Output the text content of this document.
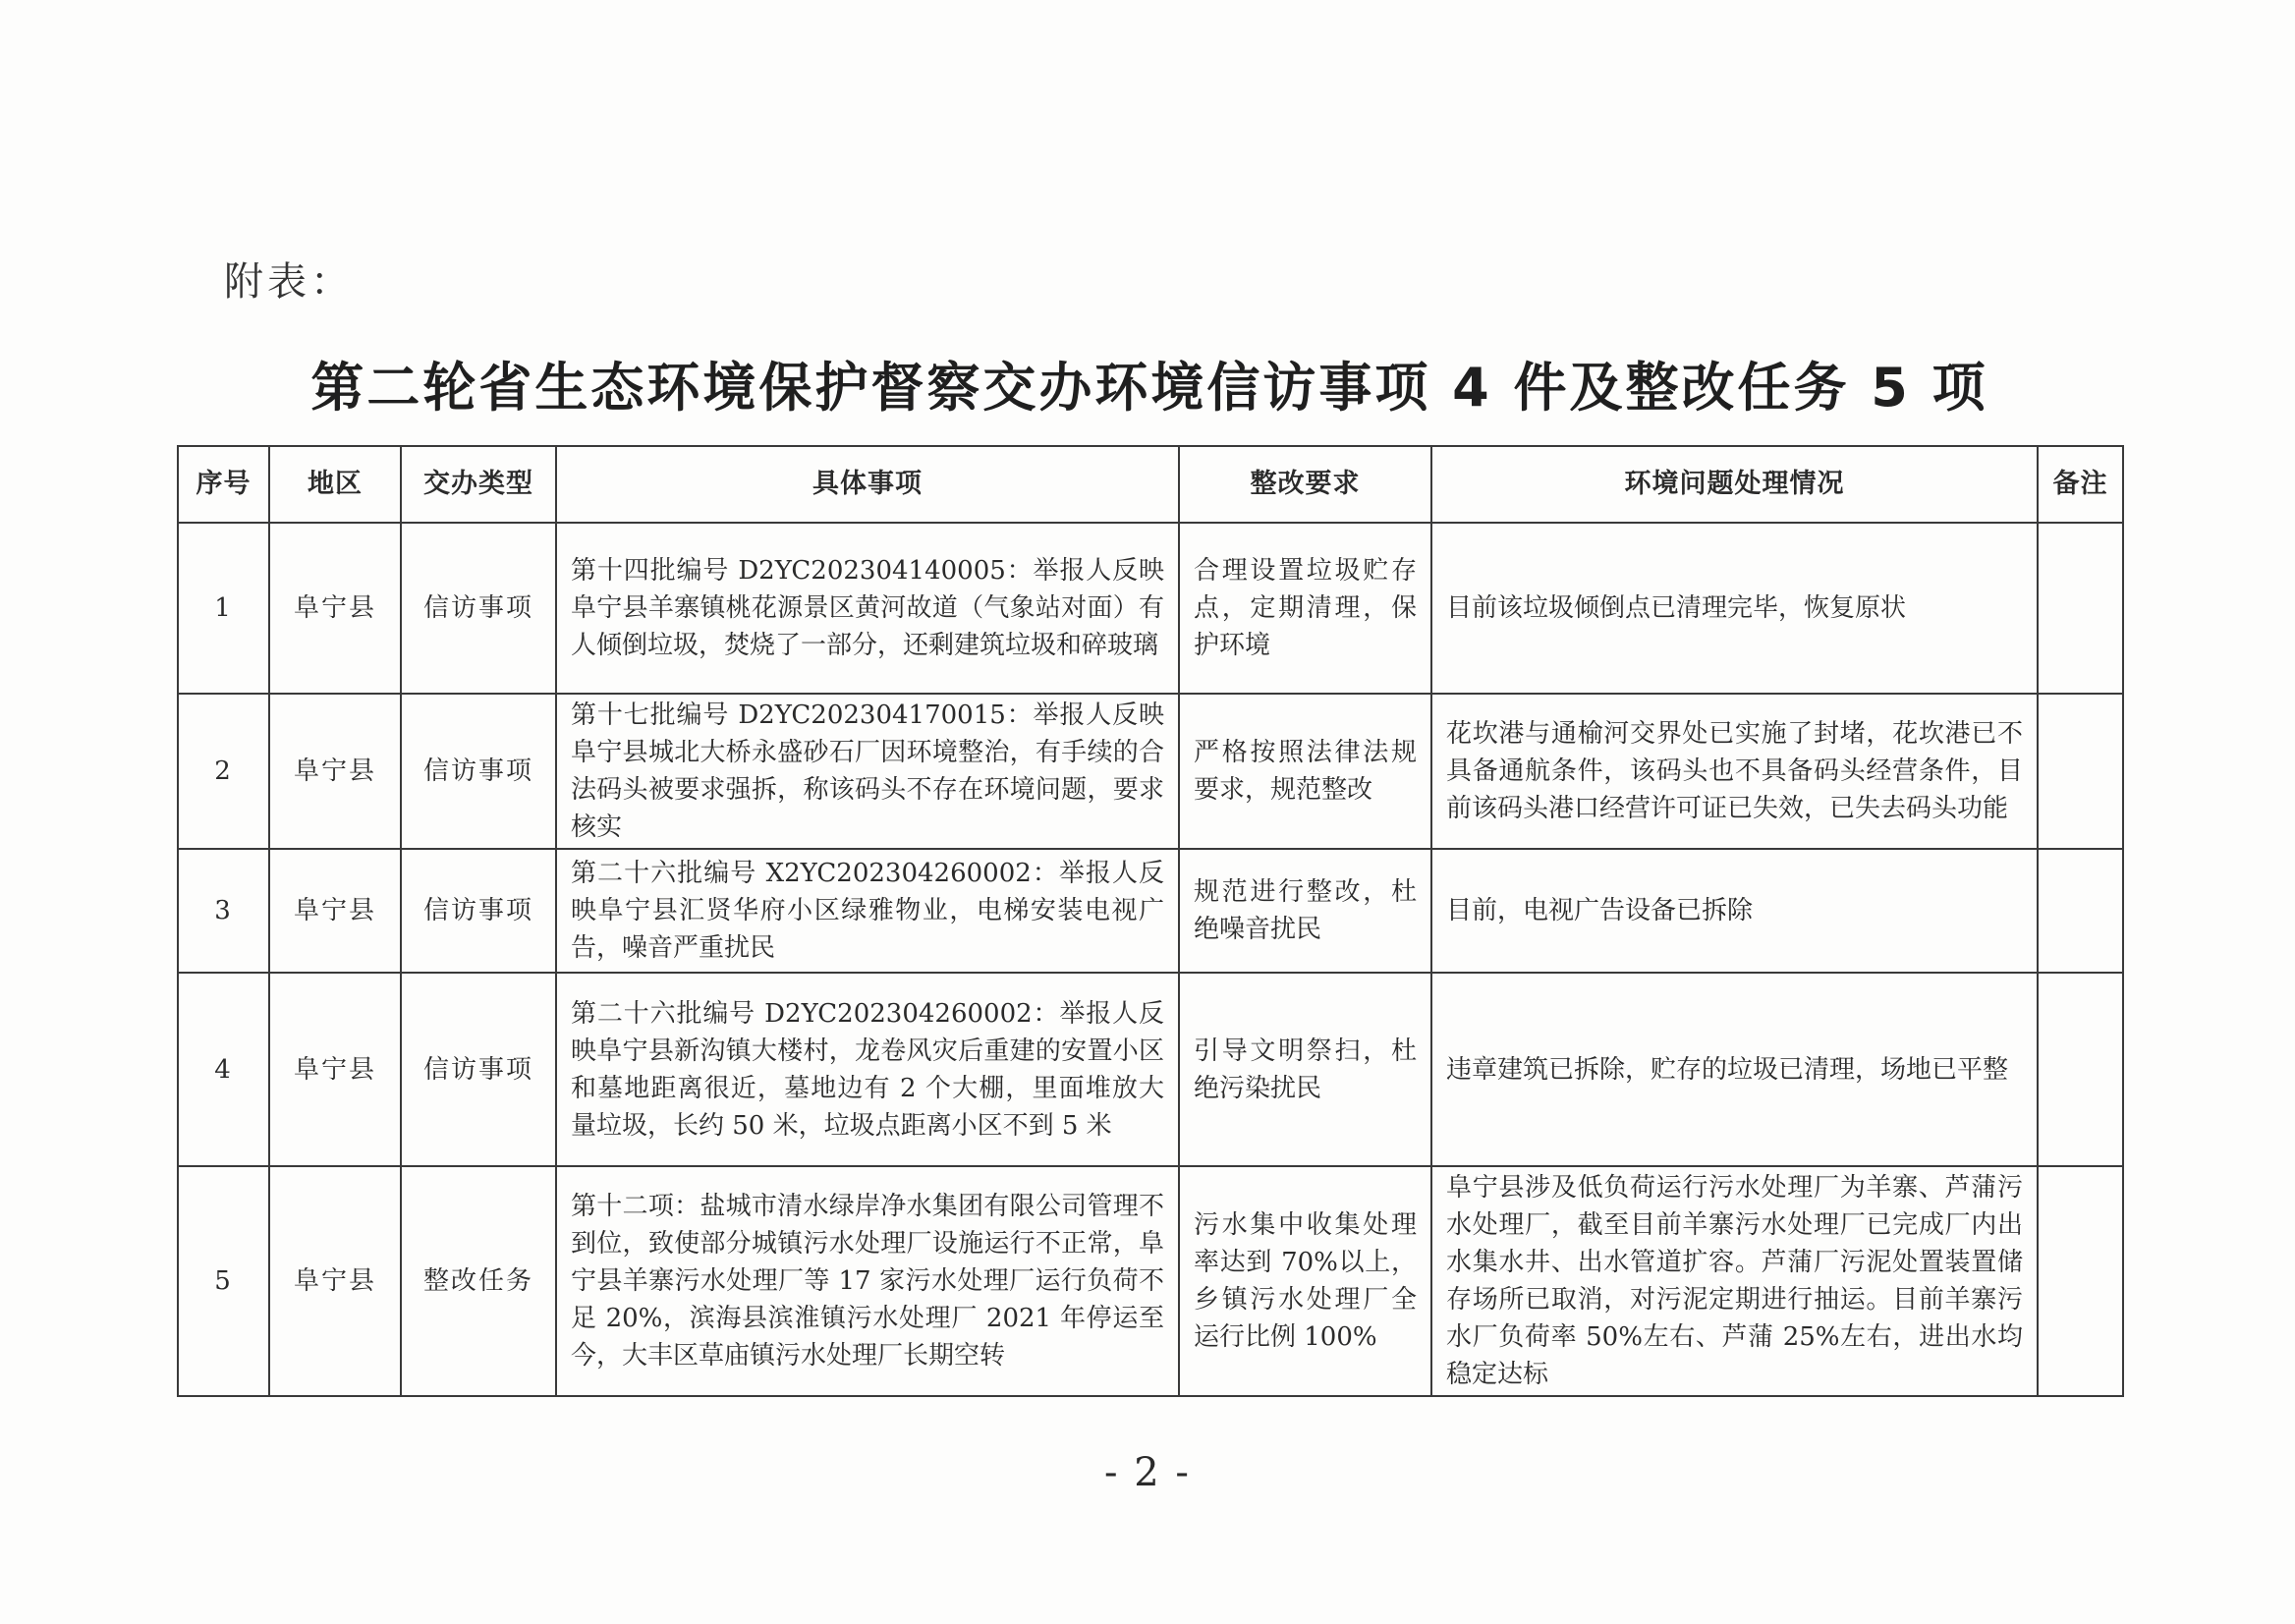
附表：
第二轮省生态环境保护督察交办环境信访事项 4 件及整改任务 5 项
序号	地区	交办类型	具体事项	整改要求	环境问题处理情况	备注
1	阜宁县	信访事项	第十四批编号 D2YC202304140005：举报人反映阜宁县羊寨镇桃花源景区黄河故道（气象站对面）有人倾倒垃圾，焚烧了一部分，还剩建筑垃圾和碎玻璃	合理设置垃圾贮存点，定期清理，保护环境	目前该垃圾倾倒点已清理完毕，恢复原状	
2	阜宁县	信访事项	第十七批编号 D2YC202304170015：举报人反映阜宁县城北大桥永盛砂石厂因环境整治，有手续的合法码头被要求强拆，称该码头不存在环境问题，要求核实	严格按照法律法规要求，规范整改	花坎港与通榆河交界处已实施了封堵，花坎港已不具备通航条件，该码头也不具备码头经营条件，目前该码头港口经营许可证已失效，已失去码头功能	
3	阜宁县	信访事项	第二十六批编号 X2YC202304260002：举报人反映阜宁县汇贤华府小区绿雅物业，电梯安装电视广告，噪音严重扰民	规范进行整改，杜绝噪音扰民	目前，电视广告设备已拆除	
4	阜宁县	信访事项	第二十六批编号 D2YC202304260002：举报人反映阜宁县新沟镇大楼村，龙卷风灾后重建的安置小区和墓地距离很近，墓地边有 2 个大棚，里面堆放大量垃圾，长约 50 米，垃圾点距离小区不到 5 米	引导文明祭扫，杜绝污染扰民	违章建筑已拆除，贮存的垃圾已清理，场地已平整	
5	阜宁县	整改任务	第十二项：盐城市清水绿岸净水集团有限公司管理不到位，致使部分城镇污水处理厂设施运行不正常，阜宁县羊寨污水处理厂等 17 家污水处理厂运行负荷不足 20%，滨海县滨淮镇污水处理厂 2021 年停运至今，大丰区草庙镇污水处理厂长期空转	污水集中收集处理率达到 70%以上，乡镇污水处理厂全运行比例 100%	阜宁县涉及低负荷运行污水处理厂为羊寨、芦蒲污水处理厂，截至目前羊寨污水处理厂已完成厂内出水集水井、出水管道扩容。芦蒲厂污泥处置装置储存场所已取消，对污泥定期进行抽运。目前羊寨污水厂负荷率 50%左右、芦蒲 25%左右，进出水均稳定达标	
- 2 -
